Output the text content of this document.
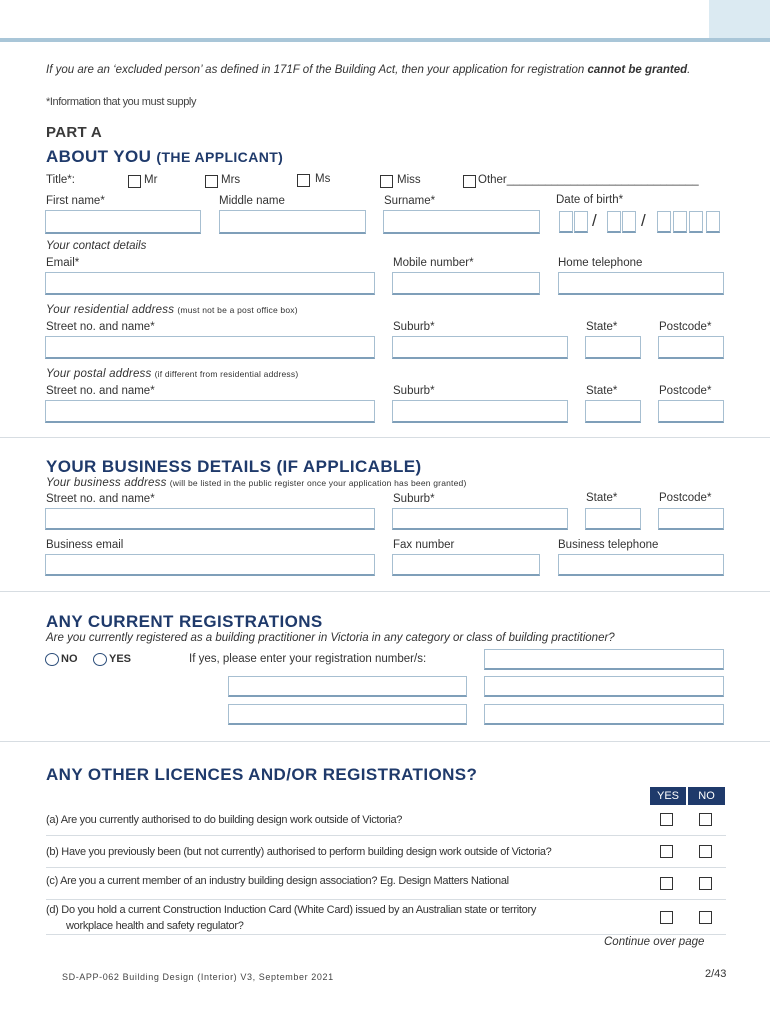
If you are an ‘excluded person’ as defined in 171F of the Building Act, then your application for registration cannot be granted.
*Information that you must supply
PART A
ABOUT YOU (THE APPLICANT)
Title*:	Mr	Mrs	Ms	Miss	Other______________________________
First name*	Middle name	Surname*	Date of birth*
/	/
Your contact details
Email*	Mobile number*	Home telephone
Your residential address (must not be a post office box)
Street no. and name*	Suburb*	State*	Postcode*
Your postal address (if different from residential address)
Street no. and name*	Suburb*	State*	Postcode*
YOUR BUSINESS DETAILS (IF APPLICABLE)
Your business address (will be listed in the public register once your application has been granted)
Street no. and name*	Suburb*	State*	Postcode*
Business email	Fax number	Business telephone
ANY CURRENT REGISTRATIONS
Are you currently registered as a building practitioner in Victoria in any category or class of building practitioner?
NO	YES	If yes, please enter your registration number/s:
ANY OTHER LICENCES AND/OR REGISTRATIONS?
YES	NO
(a) Are you currently authorised to do building design work outside of Victoria?
(b) Have you previously been (but not currently) authorised to perform building design work outside of Victoria?
(c) Are you a current member of an industry building design association? Eg. Design Matters National
(d) Do you hold a current Construction Induction Card (White Card) issued by an Australian state or territory
workplace health and safety regulator?
Continue over page
SD-APP-062 Building Design (Interior) V3, September 2021	2/43
